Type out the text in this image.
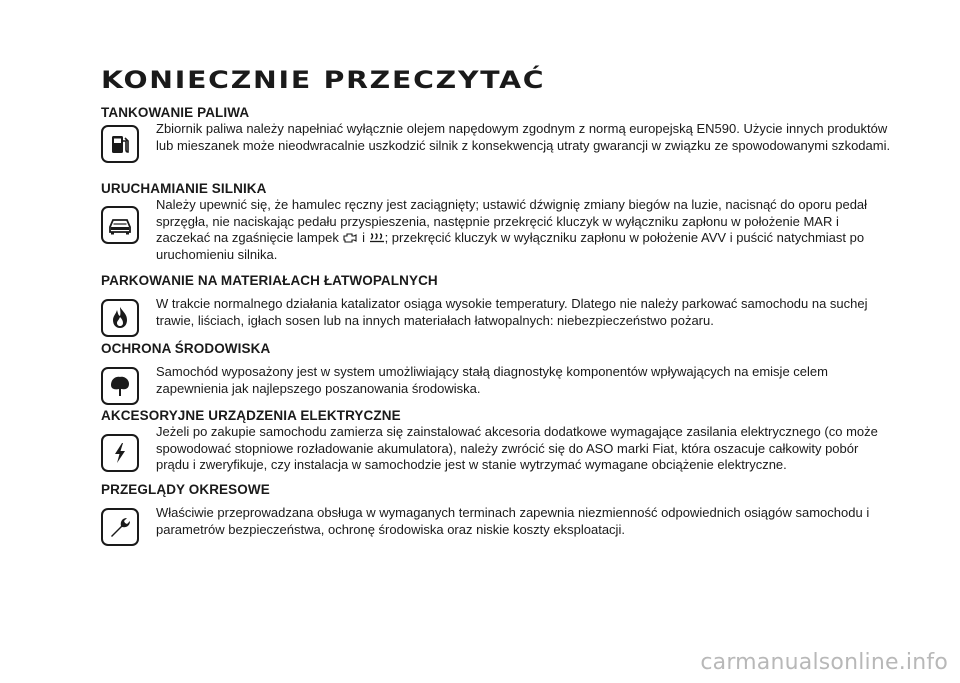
KONIECZNIE PRZECZYTAĆ
TANKOWANIE PALIWA

Zbiornik paliwa należy napełniać wyłącznie olejem napędowym zgodnym z normą europejską EN590. Użycie innych produktów lub mieszanek może nieodwracalnie uszkodzić silnik z konsekwencją utraty gwarancji w związku ze spowodowanymi szkodami.

URUCHAMIANIE SILNIKA

Należy upewnić się, że hamulec ręczny jest zaciągnięty; ustawić dźwignię zmiany biegów na luzie, nacisnąć do oporu pedał sprzęgła, nie naciskając pedału przyspieszenia, następnie przekręcić kluczyk w wyłączniku zapłonu w położenie MAR i zaczekać na zgaśnięcie lampek
i
; przekręcić kluczyk w wyłączniku zapłonu w położenie AVV i puścić natychmiast po uruchomieniu silnika.

PARKOWANIE NA MATERIAŁACH ŁATWOPALNYCH

W trakcie normalnego działania katalizator osiąga wysokie temperatury. Dlatego nie należy parkować samochodu na suchej trawie, liściach, igłach sosen lub na innych materiałach łatwopalnych: niebezpieczeństwo pożaru.

OCHRONA ŚRODOWISKA

Samochód wyposażony jest w system umożliwiający stałą diagnostykę komponentów wpływających na emisje celem zapewnienia jak najlepszego poszanowania środowiska.

AKCESORYJNE URZĄDZENIA ELEKTRYCZNE

Jeżeli po zakupie samochodu zamierza się zainstalować akcesoria dodatkowe wymagające zasilania elektrycznego (co może spowodować stopniowe rozładowanie akumulatora), należy zwrócić się do ASO marki Fiat, która oszacuje całkowity pobór prądu i zweryfikuje, czy instalacja w samochodzie jest w stanie wytrzymać wymagane obciążenie elektryczne.

PRZEGLĄDY OKRESOWE

Właściwie przeprowadzana obsługa w wymaganych terminach zapewnia niezmienność odpowiednich osiągów samochodu i parametrów bezpieczeństwa, ochronę środowiska oraz niskie koszty eksploatacji.

carmanualsonline.info
